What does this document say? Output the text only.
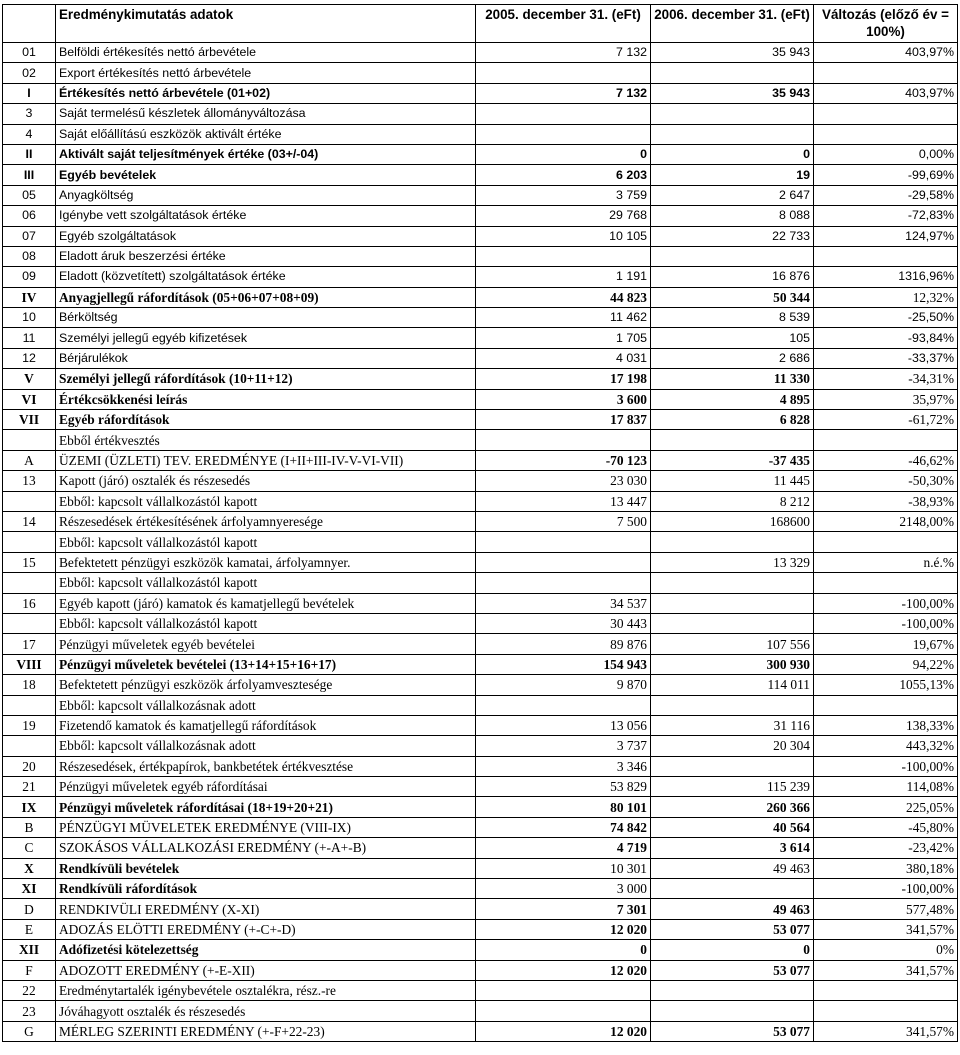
	Eredménykimutatás adatok	2005. december 31. (eFt)	2006. december 31. (eFt)	Változás (előző év = 100%)
01	Belföldi értékesítés nettó árbevétele	7 132	35 943	403,97%
02	Export értékesítés nettó árbevétele			
I	Értékesítés nettó árbevétele (01+02)	7 132	35 943	403,97%
3	Saját termelésű készletek állományváltozása			
4	Saját előállítású eszközök aktivált értéke			
II	Aktivált saját teljesítmények értéke (03+/-04)	0	0	0,00%
III	Egyéb bevételek	6 203	19	-99,69%
05	Anyagköltség	3 759	2 647	-29,58%
06	Igénybe vett szolgáltatások értéke	29 768	8 088	-72,83%
07	Egyéb szolgáltatások	10 105	22 733	124,97%
08	Eladott áruk beszerzési értéke			
09	Eladott (közvetített) szolgáltatások értéke	1 191	16 876	1316,96%
IV	Anyagjellegű ráfordítások (05+06+07+08+09)	44 823	50 344	12,32%
10	Bérköltség	11 462	8 539	-25,50%
11	Személyi jellegű egyéb kifizetések	1 705	105	-93,84%
12	Bérjárulékok	4 031	2 686	-33,37%
V	Személyi jellegű ráfordítások (10+11+12)	17 198	11 330	-34,31%
VI	Értékcsökkenési leírás	3 600	4 895	35,97%
VII	Egyéb ráfordítások	17 837	6 828	-61,72%
	Ebből értékvesztés			
A	ÜZEMI (ÜZLETI) TEV. EREDMÉNYE (I+II+III-IV-V-VI-VII)	-70 123	-37 435	-46,62%
13	Kapott (járó) osztalék és részesedés	23 030	11 445	-50,30%
	Ebből: kapcsolt vállalkozástól kapott	13 447	8 212	-38,93%
14	Részesedések értékesítésének árfolyamnyeresége	7 500	168600	2148,00%
	Ebből: kapcsolt vállalkozástól kapott			
15	Befektetett pénzügyi eszközök kamatai, árfolyamnyer.		13 329	n.é.%
	Ebből: kapcsolt vállalkozástól kapott			
16	Egyéb kapott (járó) kamatok és kamatjellegű bevételek	34 537		-100,00%
	Ebből: kapcsolt vállalkozástól kapott	30 443		-100,00%
17	Pénzügyi műveletek egyéb bevételei	89 876	107 556	19,67%
VIII	Pénzügyi műveletek bevételei (13+14+15+16+17)	154 943	300 930	94,22%
18	Befektetett pénzügyi eszközök árfolyamvesztesége	9 870	114 011	1055,13%
	Ebből: kapcsolt vállalkozásnak adott			
19	Fizetendő kamatok és kamatjellegű ráfordítások	13 056	31 116	138,33%
	Ebből: kapcsolt vállalkozásnak adott	3 737	20 304	443,32%
20	Részesedések, értékpapírok, bankbetétek értékvesztése	3 346		-100,00%
21	Pénzügyi műveletek egyéb ráfordításai	53 829	115 239	114,08%
IX	Pénzügyi műveletek ráfordításai (18+19+20+21)	80 101	260 366	225,05%
B	PÉNZÜGYI MÜVELETEK EREDMÉNYE (VIII-IX)	74 842	40 564	-45,80%
C	SZOKÁSOS VÁLLALKOZÁSI EREDMÉNY (+-A+-B)	4 719	3 614	-23,42%
X	Rendkívüli bevételek	10 301	49 463	380,18%
XI	Rendkívüli ráfordítások	3 000		-100,00%
D	RENDKIVÜLI EREDMÉNY (X-XI)	7 301	49 463	577,48%
E	ADOZÁS ELÖTTI EREDMÉNY (+-C+-D)	12 020	53 077	341,57%
XII	Adófizetési kötelezettség	0	0	0%
F	ADOZOTT EREDMÉNY (+-E-XII)	12 020	53 077	341,57%
22	Eredménytartalék igénybevétele osztalékra, rész.-re			
23	Jóváhagyott osztalék és részesedés			
G	MÉRLEG SZERINTI EREDMÉNY (+-F+22-23)	12 020	53 077	341,57%
